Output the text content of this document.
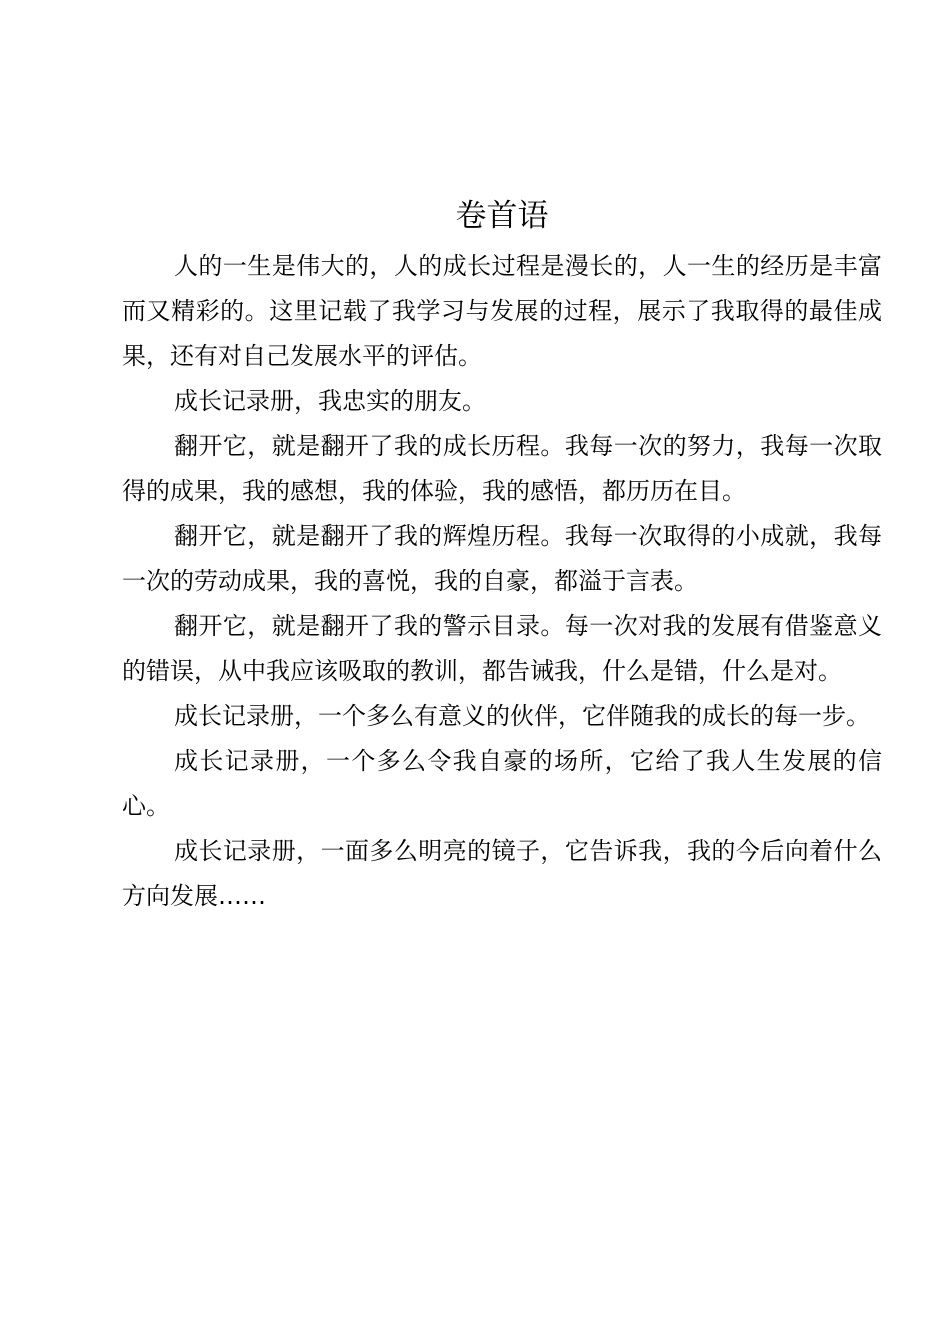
卷首语

人的一生是伟大的，人的成长过程是漫长的，人一生的经历是丰富而又精彩的。这里记载了我学习与发展的过程，展示了我取得的最佳成果，还有对自己发展水平的评估。

成长记录册，我忠实的朋友。

翻开它，就是翻开了我的成长历程。我每一次的努力，我每一次取得的成果，我的感想，我的体验，我的感悟，都历历在目。

翻开它，就是翻开了我的辉煌历程。我每一次取得的小成就，我每一次的劳动成果，我的喜悦，我的自豪，都溢于言表。

翻开它，就是翻开了我的警示目录。每一次对我的发展有借鉴意义的错误，从中我应该吸取的教训，都告诫我，什么是错，什么是对。

成长记录册，一个多么有意义的伙伴，它伴随我的成长的每一步。

成长记录册，一个多么令我自豪的场所，它给了我人生发展的信心。

成长记录册，一面多么明亮的镜子，它告诉我，我的今后向着什么方向发展……
